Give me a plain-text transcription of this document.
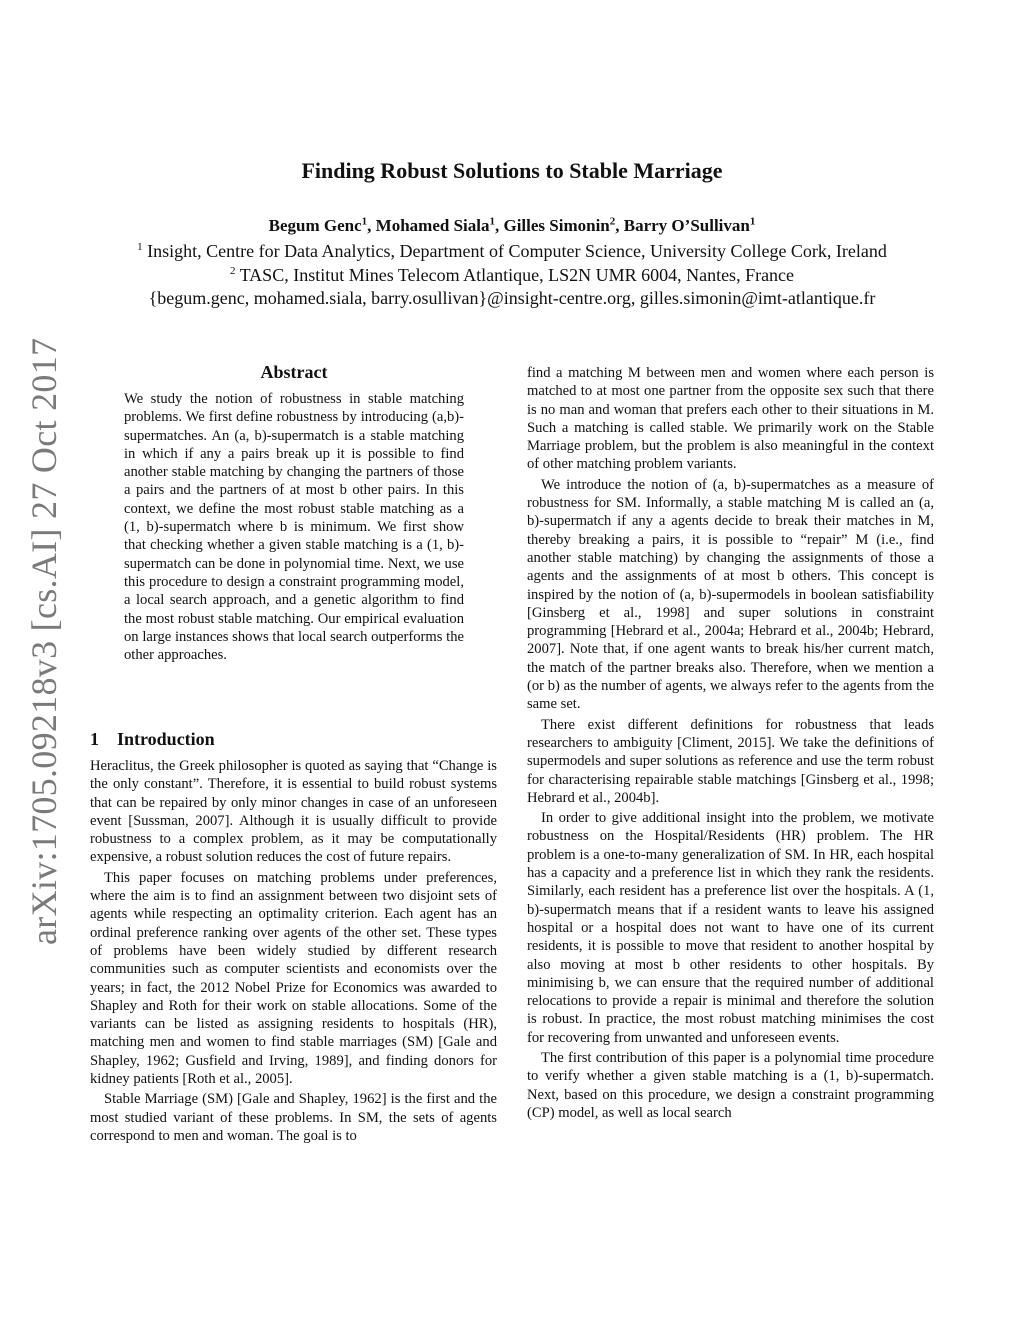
arXiv:1705.09218v3 [cs.AI] 27 Oct 2017
Finding Robust Solutions to Stable Marriage
Begum Genc$^1$, Mohamed Siala$^1$, Gilles Simonin$^2$, Barry O’Sullivan$^1$
$^1$ Insight, Centre for Data Analytics, Department of Computer Science, University College Cork, Ireland
$^2$ TASC, Institut Mines Telecom Atlantique, LS2N UMR 6004, Nantes, France
{begum.genc, mohamed.siala, barry.osullivan}@insight-centre.org, gilles.simonin@imt-atlantique.fr
Abstract

We study the notion of robustness in stable matching problems. We first define robustness by introducing (a,b)-supermatches. An (a, b)-supermatch is a stable matching in which if any a pairs break up it is possible to find another stable matching by changing the partners of those a pairs and the partners of at most b other pairs. In this context, we define the most robust stable matching as a (1, b)-supermatch where b is minimum. We first show that checking whether a given stable matching is a (1, b)-supermatch can be done in polynomial time. Next, we use this procedure to design a constraint programming model, a local search approach, and a genetic algorithm to find the most robust stable matching. Our empirical evaluation on large instances shows that local search outperforms the other approaches.

1 Introduction

Heraclitus, the Greek philosopher is quoted as saying that “Change is the only constant”. Therefore, it is essential to build robust systems that can be repaired by only minor changes in case of an unforeseen event [Sussman, 2007]. Although it is usually difficult to provide robustness to a complex problem, as it may be computationally expensive, a robust solution reduces the cost of future repairs.

This paper focuses on matching problems under preferences, where the aim is to find an assignment between two disjoint sets of agents while respecting an optimality criterion. Each agent has an ordinal preference ranking over agents of the other set. These types of problems have been widely studied by different research communities such as computer scientists and economists over the years; in fact, the 2012 Nobel Prize for Economics was awarded to Shapley and Roth for their work on stable allocations. Some of the variants can be listed as assigning residents to hospitals (HR), matching men and women to find stable marriages (SM) [Gale and Shapley, 1962; Gusfield and Irving, 1989], and finding donors for kidney patients [Roth et al., 2005].

Stable Marriage (SM) [Gale and Shapley, 1962] is the first and the most studied variant of these problems. In SM, the sets of agents correspond to men and woman. The goal is to

find a matching M between men and women where each person is matched to at most one partner from the opposite sex such that there is no man and woman that prefers each other to their situations in M. Such a matching is called stable. We primarily work on the Stable Marriage problem, but the problem is also meaningful in the context of other matching problem variants.

We introduce the notion of (a, b)-supermatches as a measure of robustness for SM. Informally, a stable matching M is called an (a, b)-supermatch if any a agents decide to break their matches in M, thereby breaking a pairs, it is possible to “repair” M (i.e., find another stable matching) by changing the assignments of those a agents and the assignments of at most b others. This concept is inspired by the notion of (a, b)-supermodels in boolean satisfiability [Ginsberg et al., 1998] and super solutions in constraint programming [Hebrard et al., 2004a; Hebrard et al., 2004b; Hebrard, 2007]. Note that, if one agent wants to break his/her current match, the match of the partner breaks also. Therefore, when we mention a (or b) as the number of agents, we always refer to the agents from the same set.

There exist different definitions for robustness that leads researchers to ambiguity [Climent, 2015]. We take the definitions of supermodels and super solutions as reference and use the term robust for characterising repairable stable matchings [Ginsberg et al., 1998; Hebrard et al., 2004b].

In order to give additional insight into the problem, we motivate robustness on the Hospital/Residents (HR) problem. The HR problem is a one-to-many generalization of SM. In HR, each hospital has a capacity and a preference list in which they rank the residents. Similarly, each resident has a preference list over the hospitals. A (1, b)-supermatch means that if a resident wants to leave his assigned hospital or a hospital does not want to have one of its current residents, it is possible to move that resident to another hospital by also moving at most b other residents to other hospitals. By minimising b, we can ensure that the required number of additional relocations to provide a repair is minimal and therefore the solution is robust. In practice, the most robust matching minimises the cost for recovering from unwanted and unforeseen events.

The first contribution of this paper is a polynomial time procedure to verify whether a given stable matching is a (1, b)-supermatch. Next, based on this procedure, we design a constraint programming (CP) model, as well as local search
